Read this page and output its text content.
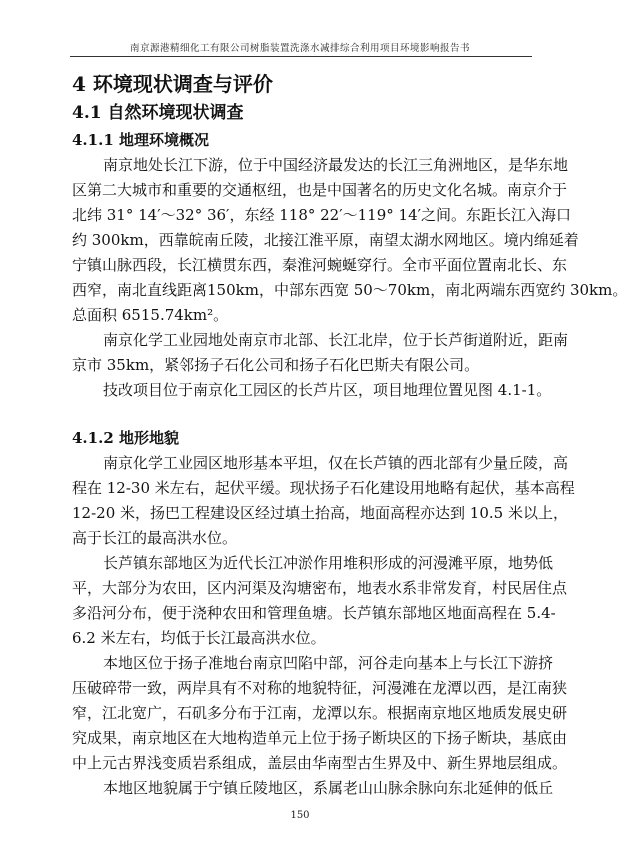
南京源港精细化工有限公司树脂装置洗涤水减排综合利用项目环境影响报告书
4 环境现状调查与评价
4.1 自然环境现状调查
4.1.1 地理环境概况
南京地处长江下游，位于中国经济最发达的长江三角洲地区，是华东地
区第二大城市和重要的交通枢纽，也是中国著名的历史文化名城。南京介于
北纬 31° 14′～32° 36′，东经 118° 22′～119° 14′之间。东距长江入海口
约 300km，西靠皖南丘陵，北接江淮平原，南望太湖水网地区。境内绵延着
宁镇山脉西段，长江横贯东西，秦淮河蜿蜒穿行。全市平面位置南北长、东
西窄，南北直线距离150km，中部东西宽 50～70km，南北两端东西宽约 30km。
总面积 6515.74km²。
南京化学工业园地处南京市北部、长江北岸，位于长芦街道附近，距南
京市 35km，紧邻扬子石化公司和扬子石化巴斯夫有限公司。
技改项目位于南京化工园区的长芦片区，项目地理位置见图 4.1-1。
4.1.2 地形地貌
南京化学工业园区地形基本平坦，仅在长芦镇的西北部有少量丘陵，高
程在 12-30 米左右，起伏平缓。现状扬子石化建设用地略有起伏，基本高程
12-20 米，扬巴工程建设区经过填土抬高，地面高程亦达到 10.5 米以上，
高于长江的最高洪水位。
长芦镇东部地区为近代长江冲淤作用堆积形成的河漫滩平原，地势低
平，大部分为农田，区内河渠及沟塘密布，地表水系非常发育，村民居住点
多沿河分布，便于浇种农田和管理鱼塘。长芦镇东部地区地面高程在 5.4-
6.2 米左右，均低于长江最高洪水位。
本地区位于扬子准地台南京凹陷中部，河谷走向基本上与长江下游挤
压破碎带一致，两岸具有不对称的地貌特征，河漫滩在龙潭以西，是江南狭
窄，江北宽广，石矶多分布于江南，龙潭以东。根据南京地区地质发展史研
究成果，南京地区在大地构造单元上位于扬子断块区的下扬子断块，基底由
中上元古界浅变质岩系组成，盖层由华南型古生界及中、新生界地层组成。
本地区地貌属于宁镇丘陵地区，系属老山山脉余脉向东北延伸的低丘
150
